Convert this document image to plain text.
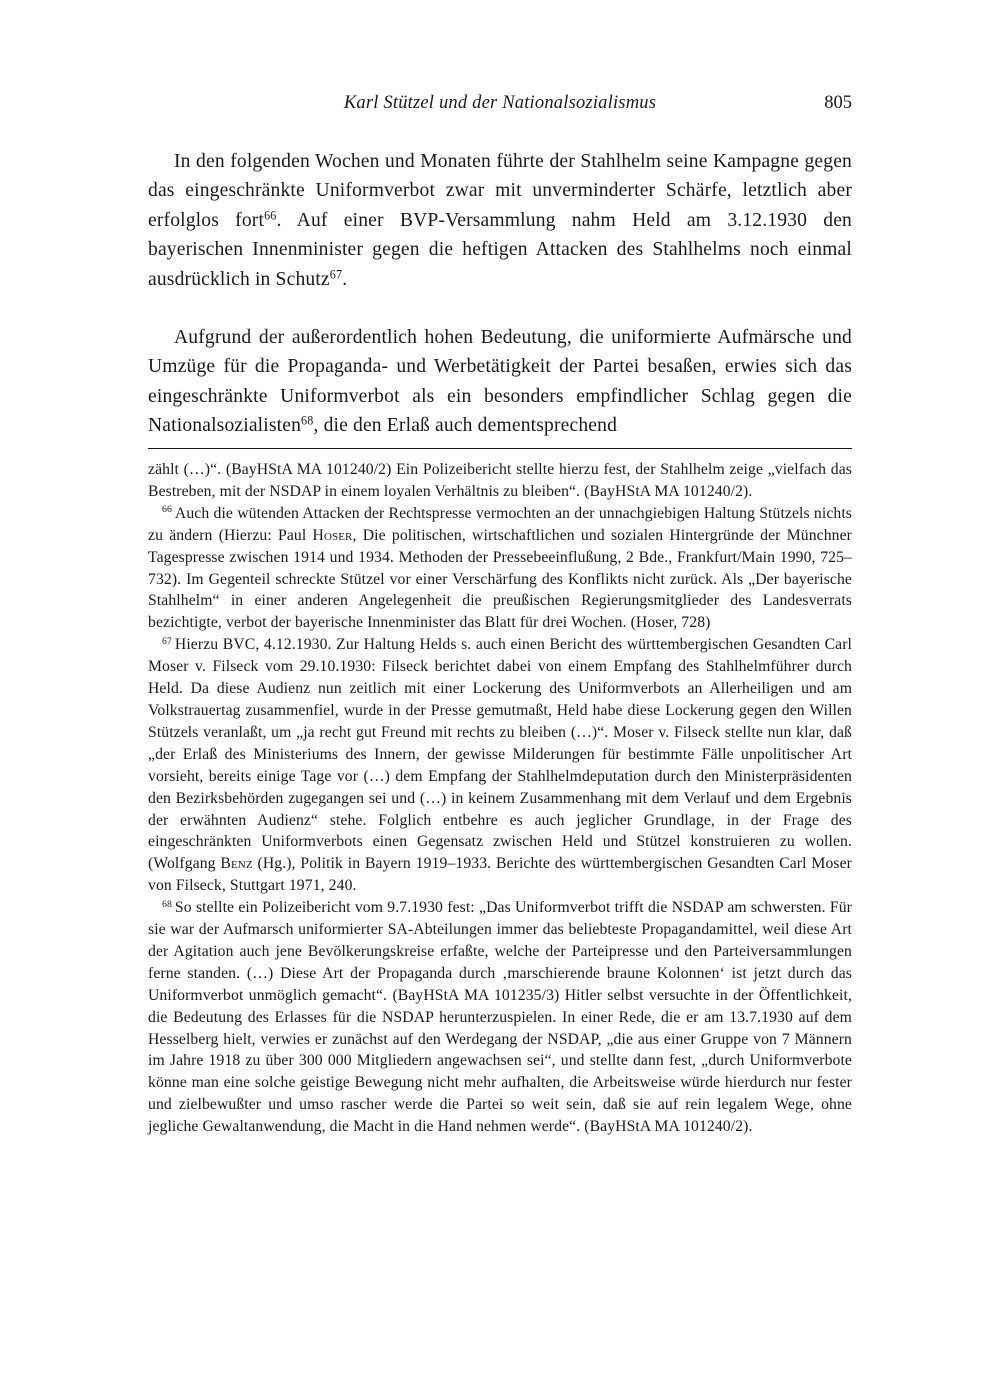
Karl Stützel und der Nationalsozialismus	805

In den folgenden Wochen und Monaten führte der Stahlhelm seine Kampagne gegen das eingeschränkte Uniformverbot zwar mit unverminderter Schärfe, letztlich aber erfolglos fort$^{66}$. Auf einer BVP-Versammlung nahm Held am 3.12.1930 den bayerischen Innenminister gegen die heftigen Attacken des Stahlhelms noch einmal ausdrücklich in Schutz$^{67}$.

Aufgrund der außerordentlich hohen Bedeutung, die uniformierte Aufmärsche und Umzüge für die Propaganda- und Werbetätigkeit der Partei besaßen, erwies sich das eingeschränkte Uniformverbot als ein besonders empfindlicher Schlag gegen die Nationalsozialisten$^{68}$, die den Erlaß auch dementsprechend

zählt (…)“. (BayHStA MA 101240/2) Ein Polizeibericht stellte hierzu fest, der Stahlhelm zeige „vielfach das Bestreben, mit der NSDAP in einem loyalen Verhältnis zu bleiben“. (BayHStA MA 101240/2).

$^{66}$ Auch die wütenden Attacken der Rechtspresse vermochten an der unnachgiebigen Haltung Stützels nichts zu ändern (Hierzu: Paul Hoser, Die politischen, wirtschaftlichen und sozialen Hintergründe der Münchner Tagespresse zwischen 1914 und 1934. Methoden der Pressebeeinflußung, 2 Bde., Frankfurt/Main 1990, 725–732). Im Gegenteil schreckte Stützel vor einer Verschärfung des Konflikts nicht zurück. Als „Der bayerische Stahlhelm“ in einer anderen Angelegenheit die preußischen Regierungsmitglieder des Landesverrats bezichtigte, verbot der bayerische Innenminister das Blatt für drei Wochen. (Hoser, 728)

$^{67}$ Hierzu BVC, 4.12.1930. Zur Haltung Helds s. auch einen Bericht des württembergischen Gesandten Carl Moser v. Filseck vom 29.10.1930: Filseck berichtet dabei von einem Empfang des Stahlhelmführer durch Held. Da diese Audienz nun zeitlich mit einer Lockerung des Uniformverbots an Allerheiligen und am Volkstrauertag zusammenfiel, wurde in der Presse gemutmaßt, Held habe diese Lockerung gegen den Willen Stützels veranlaßt, um „ja recht gut Freund mit rechts zu bleiben (…)“. Moser v. Filseck stellte nun klar, daß „der Erlaß des Ministeriums des Innern, der gewisse Milderungen für bestimmte Fälle unpolitischer Art vorsieht, bereits einige Tage vor (…) dem Empfang der Stahlhelmdeputation durch den Ministerpräsidenten den Bezirksbehörden zugegangen sei und (…) in keinem Zusammenhang mit dem Verlauf und dem Ergebnis der erwähnten Audienz“ stehe. Folglich entbehre es auch jeglicher Grundlage, in der Frage des eingeschränkten Uniformverbots einen Gegensatz zwischen Held und Stützel konstruieren zu wollen. (Wolfgang Benz (Hg.), Politik in Bayern 1919–1933. Berichte des württembergischen Gesandten Carl Moser von Filseck, Stuttgart 1971, 240.

$^{68}$ So stellte ein Polizeibericht vom 9.7.1930 fest: „Das Uniformverbot trifft die NSDAP am schwersten. Für sie war der Aufmarsch uniformierter SA-Abteilungen immer das beliebteste Propagandamittel, weil diese Art der Agitation auch jene Bevölkerungskreise erfaßte, welche der Parteipresse und den Parteiversammlungen ferne standen. (…) Diese Art der Propaganda durch ‚marschierende braune Kolonnen‘ ist jetzt durch das Uniformverbot unmöglich gemacht“. (BayHStA MA 101235/3) Hitler selbst versuchte in der Öffentlichkeit, die Bedeutung des Erlasses für die NSDAP herunterzuspielen. In einer Rede, die er am 13.7.1930 auf dem Hesselberg hielt, verwies er zunächst auf den Werdegang der NSDAP, „die aus einer Gruppe von 7 Männern im Jahre 1918 zu über 300 000 Mitgliedern angewachsen sei“, und stellte dann fest, „durch Uniformverbote könne man eine solche geistige Bewegung nicht mehr aufhalten, die Arbeitsweise würde hierdurch nur fester und zielbewußter und umso rascher werde die Partei so weit sein, daß sie auf rein legalem Wege, ohne jegliche Gewaltanwendung, die Macht in die Hand nehmen werde“. (BayHStA MA 101240/2).
